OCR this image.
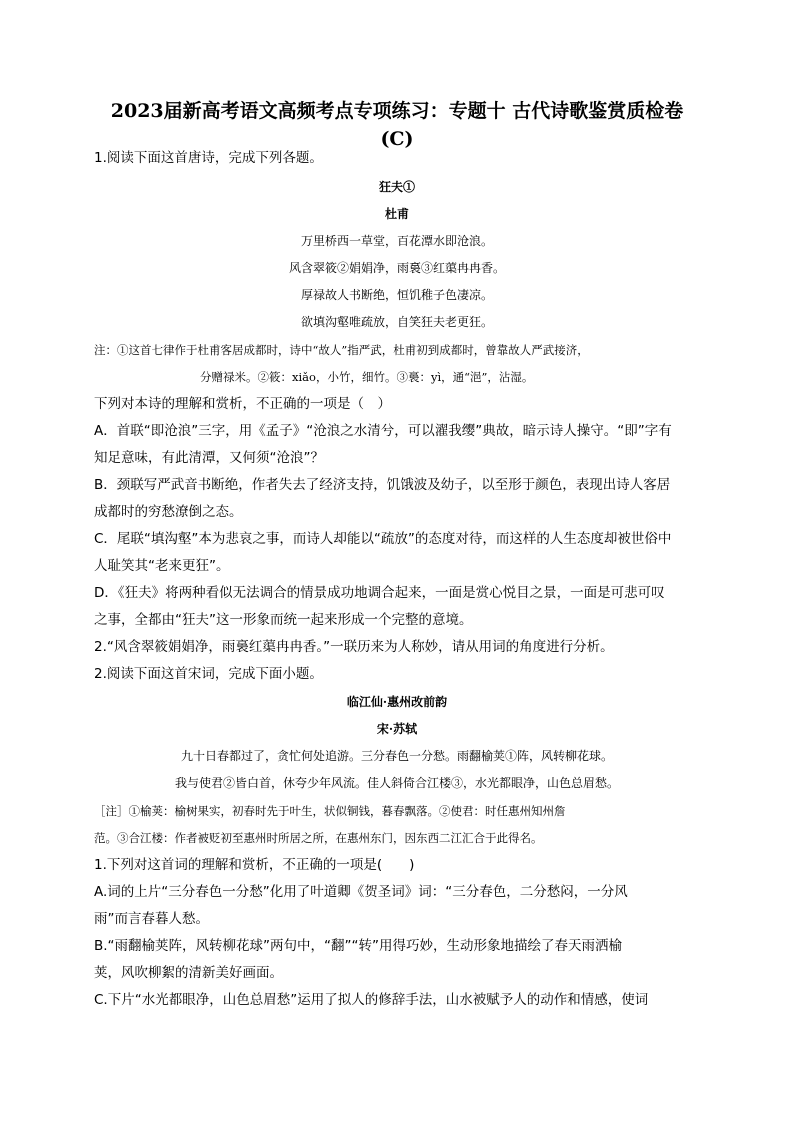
2023届新高考语文高频考点专项练习：专题十 古代诗歌鉴赏质检卷
(C)
1.阅读下面这首唐诗，完成下列各题。
狂夫①
杜甫
万里桥西一草堂，百花潭水即沧浪。
风含翠筱②娟娟净，雨裛③红蕖冉冉香。
厚禄故人书断绝，恒饥稚子色凄凉。
欲填沟壑唯疏放，自笑狂夫老更狂。
注：①这首七律作于杜甫客居成都时，诗中“故人”指严武，杜甫初到成都时，曾靠故人严武接济，
分赠禄米。②筱：xiǎo，小竹，细竹。③裛：yì，通“浥”，沾湿。
下列对本诗的理解和赏析，不正确的一项是（　）
A．首联“即沧浪”三字，用《孟子》“沧浪之水清兮，可以濯我缨”典故，暗示诗人操守。“即”字有
知足意味，有此清潭，又何须“沧浪”？
B．颈联写严武音书断绝，作者失去了经济支持，饥饿波及幼子，以至形于颜色，表现出诗人客居
成都时的穷愁潦倒之态。
C．尾联“填沟壑”本为悲哀之事，而诗人却能以“疏放”的态度对待，而这样的人生态度却被世俗中
人耻笑其“老来更狂”。
D．《狂夫》将两种看似无法调合的情景成功地调合起来，一面是赏心悦目之景，一面是可悲可叹
之事，全都由“狂夫”这一形象而统一起来形成一个完整的意境。
2.“风含翠筱娟娟净，雨裛红蕖冉冉香。”一联历来为人称妙，请从用词的角度进行分析。
2.阅读下面这首宋词，完成下面小题。
临江仙·惠州改前韵
宋·苏轼
九十日春都过了，贪忙何处追游。三分春色一分愁。雨翻榆荚①阵，风转柳花球。
我与使君②皆白首，休夸少年风流。佳人斜倚合江楼③，水光都眼净，山色总眉愁。
［注］①榆荚：榆树果实，初春时先于叶生，状似铜钱，暮春飘落。②使君：时任惠州知州詹
范。③合江楼：作者被贬初至惠州时所居之所，在惠州东门，因东西二江汇合于此得名。
1.下列对这首词的理解和赏析，不正确的一项是(　　)
A.词的上片“三分春色一分愁”化用了叶道卿《贺圣词》词：“三分春色，二分愁闷，一分风
雨”而言春暮人愁。
B.“雨翻榆荚阵，风转柳花球”两句中，“翻”“转”用得巧妙，生动形象地描绘了春天雨洒榆
荚，风吹柳絮的清新美好画面。
C.下片“水光都眼净，山色总眉愁”运用了拟人的修辞手法，山水被赋予人的动作和情感，使词
